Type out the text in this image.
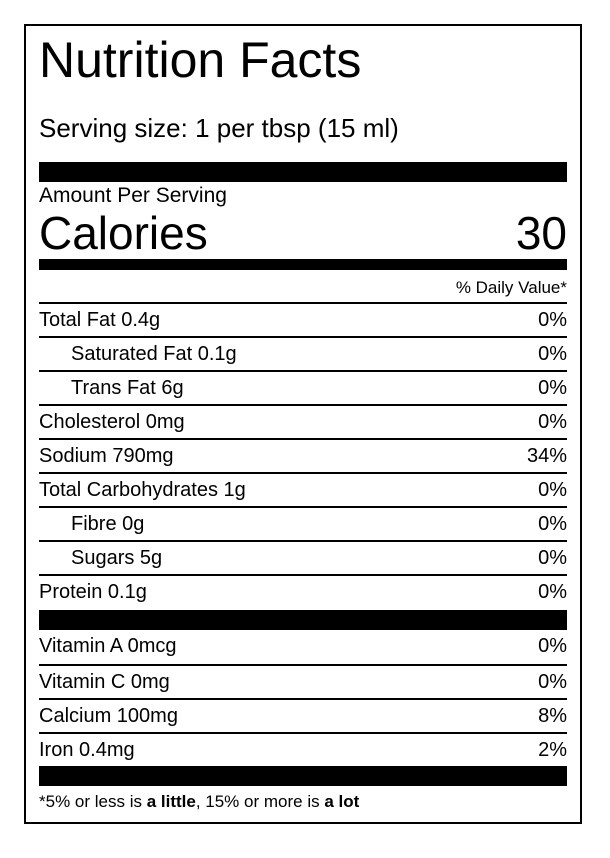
Nutrition Facts
Serving size: 1 per tbsp (15 ml)
Amount Per Serving
Calories	30
% Daily Value*
Total Fat 0.4g	0%
Saturated Fat 0.1g	0%
Trans Fat 6g	0%
Cholesterol 0mg	0%
Sodium 790mg	34%
Total Carbohydrates 1g	0%
Fibre 0g	0%
Sugars 5g	0%
Protein 0.1g	0%
Vitamin A 0mcg	0%
Vitamin C 0mg	0%
Calcium 100mg	8%
Iron 0.4mg	2%
*5% or less is a little, 15% or more is a lot
